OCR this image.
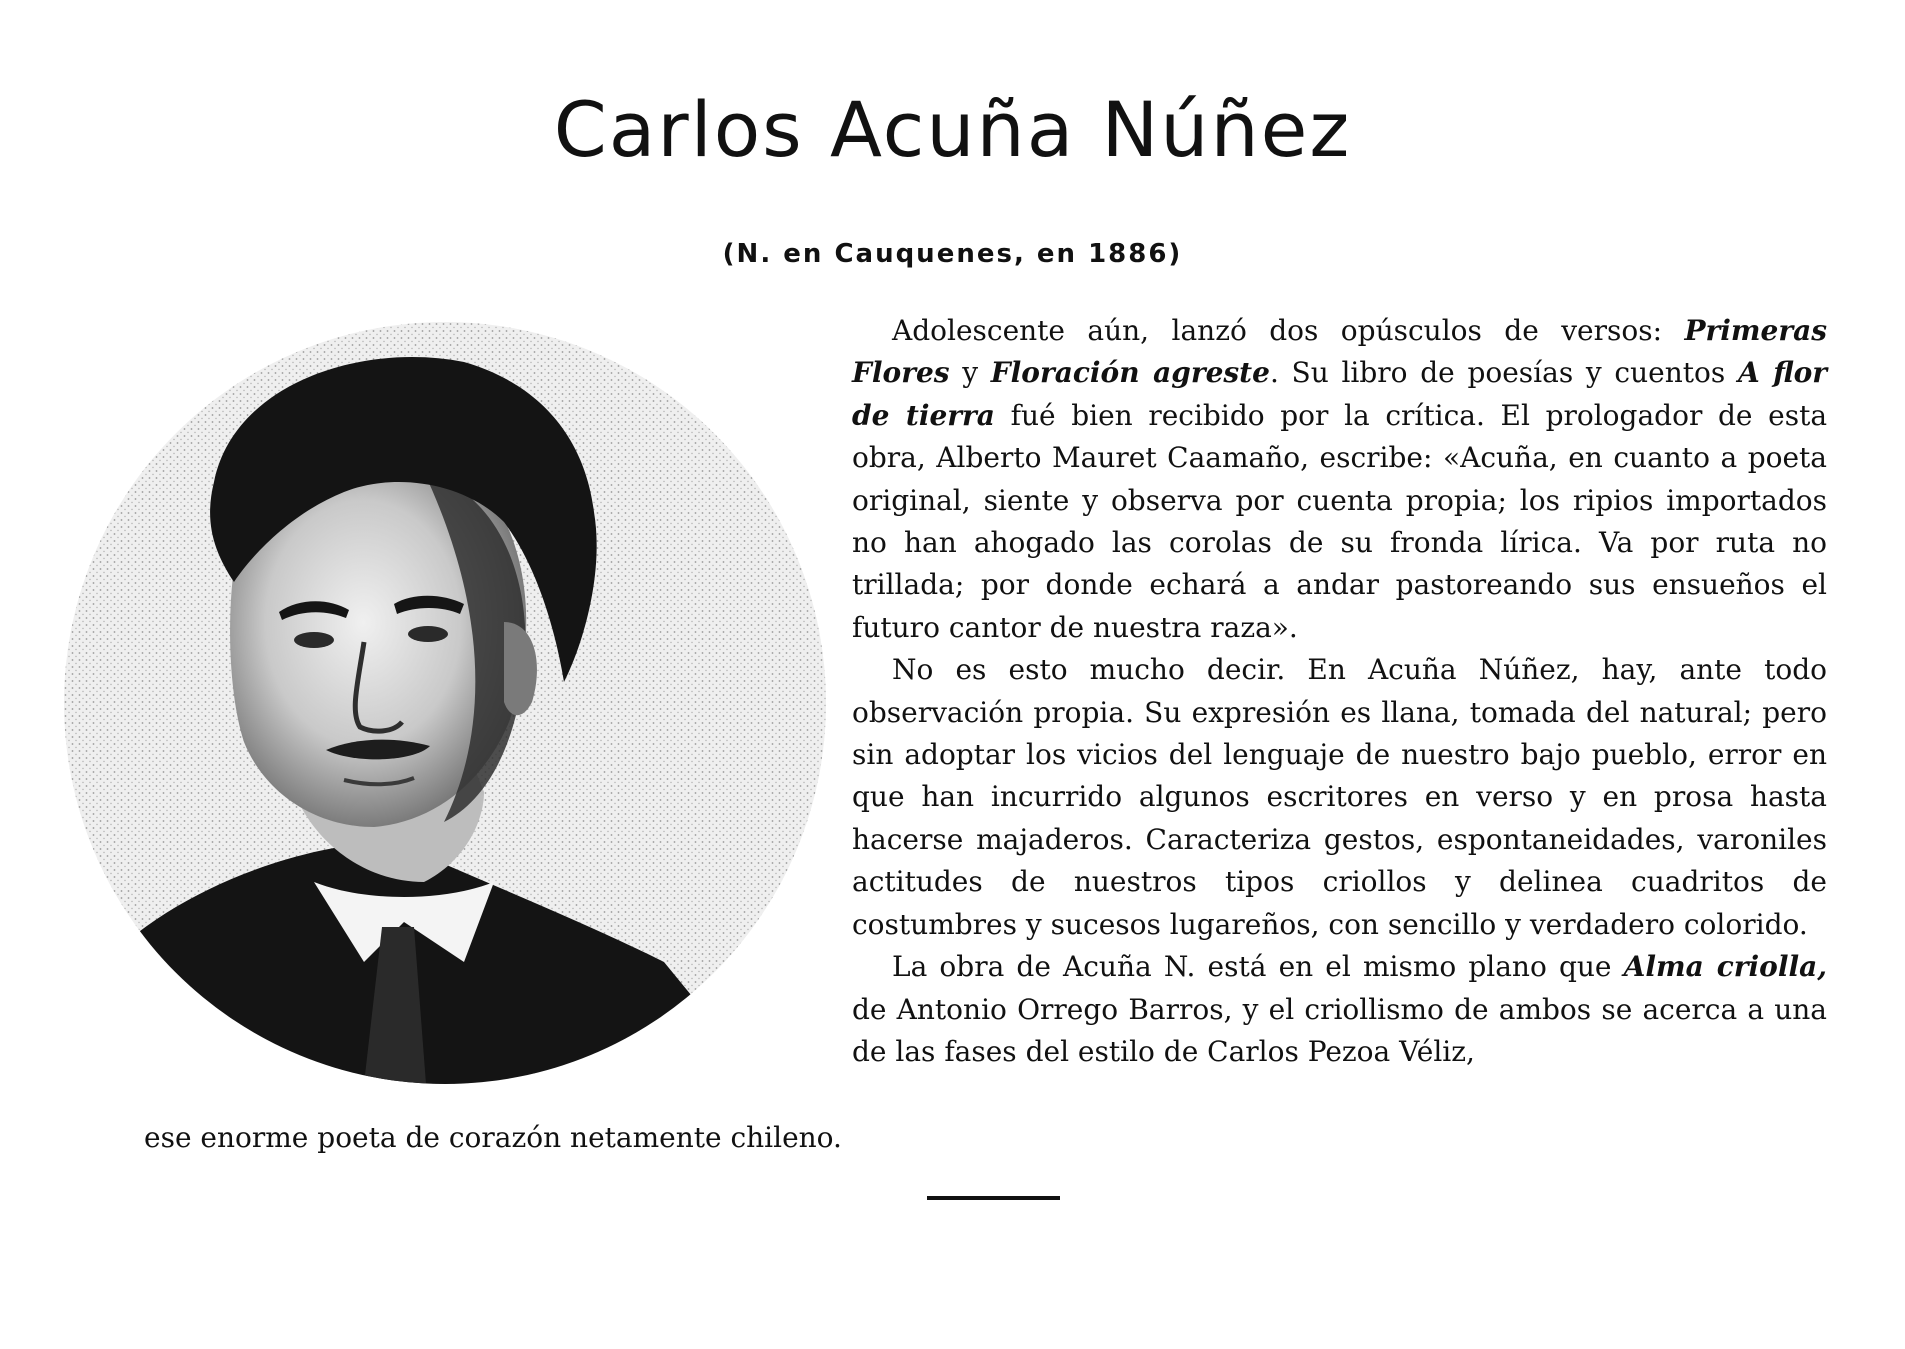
Carlos Acuña Núñez
(N. en Cauquenes, en 1886)

Adolescente aún, lanzó dos opúsculos de versos: Primeras Flores y Floración agreste. Su libro de poesías y cuentos A flor de tierra fué bien recibido por la crítica. El prologador de esta obra, Alberto Mauret Caamaño, escribe: «Acuña, en cuanto a poeta original, siente y observa por cuenta propia; los ripios importados no han ahogado las corolas de su fronda lírica. Va por ruta no trillada; por donde echará a andar pastoreando sus ensueños el futuro cantor de nuestra raza».

No es esto mucho decir. En Acuña Núñez, hay, ante todo observación propia. Su expresión es llana, tomada del natural; pero sin adoptar los vicios del lenguaje de nuestro bajo pueblo, error en que han incurrido algunos escritores en verso y en prosa hasta hacerse majaderos. Caracteriza gestos, espontaneidades, varoniles actitudes de nuestros tipos criollos y delinea cuadritos de costumbres y sucesos lugareños, con sencillo y verdadero colorido.

La obra de Acuña N. está en el mismo plano que Alma criolla, de Antonio Orrego Barros, y el criollismo de ambos se acerca a una de las fases del estilo de Carlos Pezoa Véliz,

ese enorme poeta de corazón netamente chileno.
